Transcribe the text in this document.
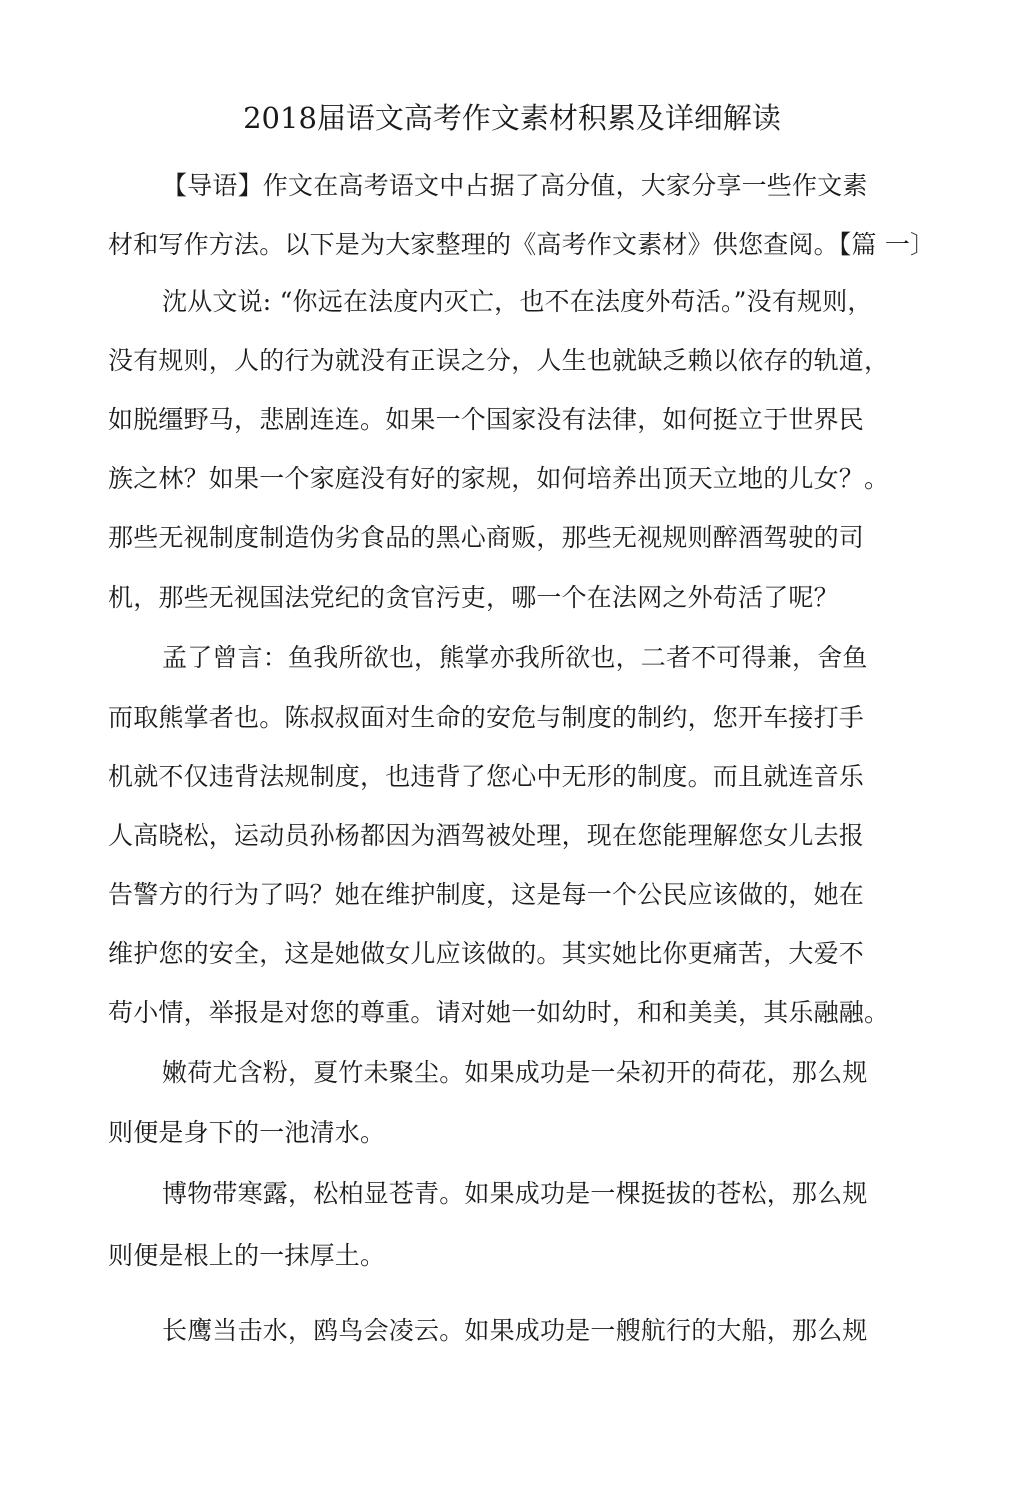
2018届语文高考作文素材积累及详细解读
【导语】作文在高考语文中占据了高分值，大家分享一些作文素
材和写作方法。以下是为大家整理的《高考作文素材》供您查阅。【篇 一〕
沈从文说: “你远在法度内灭亡，也不在法度外苟活。”没有规则，
没有规则，人的行为就没有正误之分，人生也就缺乏赖以依存的轨道，
如脱缰野马，悲剧连连。如果一个国家没有法律，如何挺立于世界民
族之林？如果一个家庭没有好的家规，如何培养出顶天立地的儿女？。
那些无视制度制造伪劣食品的黑心商贩，那些无视规则醉酒驾驶的司
机，那些无视国法党纪的贪官污吏，哪一个在法网之外苟活了呢？
孟了曾言：鱼我所欲也，熊掌亦我所欲也，二者不可得兼，舍鱼
而取熊掌者也。陈叔叔面对生命的安危与制度的制约，您开车接打手
机就不仅违背法规制度，也违背了您心中无形的制度。而且就连音乐
人高晓松，运动员孙杨都因为酒驾被处理，现在您能理解您女儿去报
告警方的行为了吗？她在维护制度，这是每一个公民应该做的，她在
维护您的安全，这是她做女儿应该做的。其实她比你更痛苦，大爱不
苟小情，举报是对您的尊重。请对她一如幼时，和和美美，其乐融融。
嫩荷尤含粉，夏竹未聚尘。如果成功是一朵初开的荷花，那么规
则便是身下的一池清水。
博物带寒露，松柏显苍青。如果成功是一棵挺拔的苍松，那么规
则便是根上的一抹厚土。
长鹰当击水，鸥鸟会凌云。如果成功是一艘航行的大船，那么规
